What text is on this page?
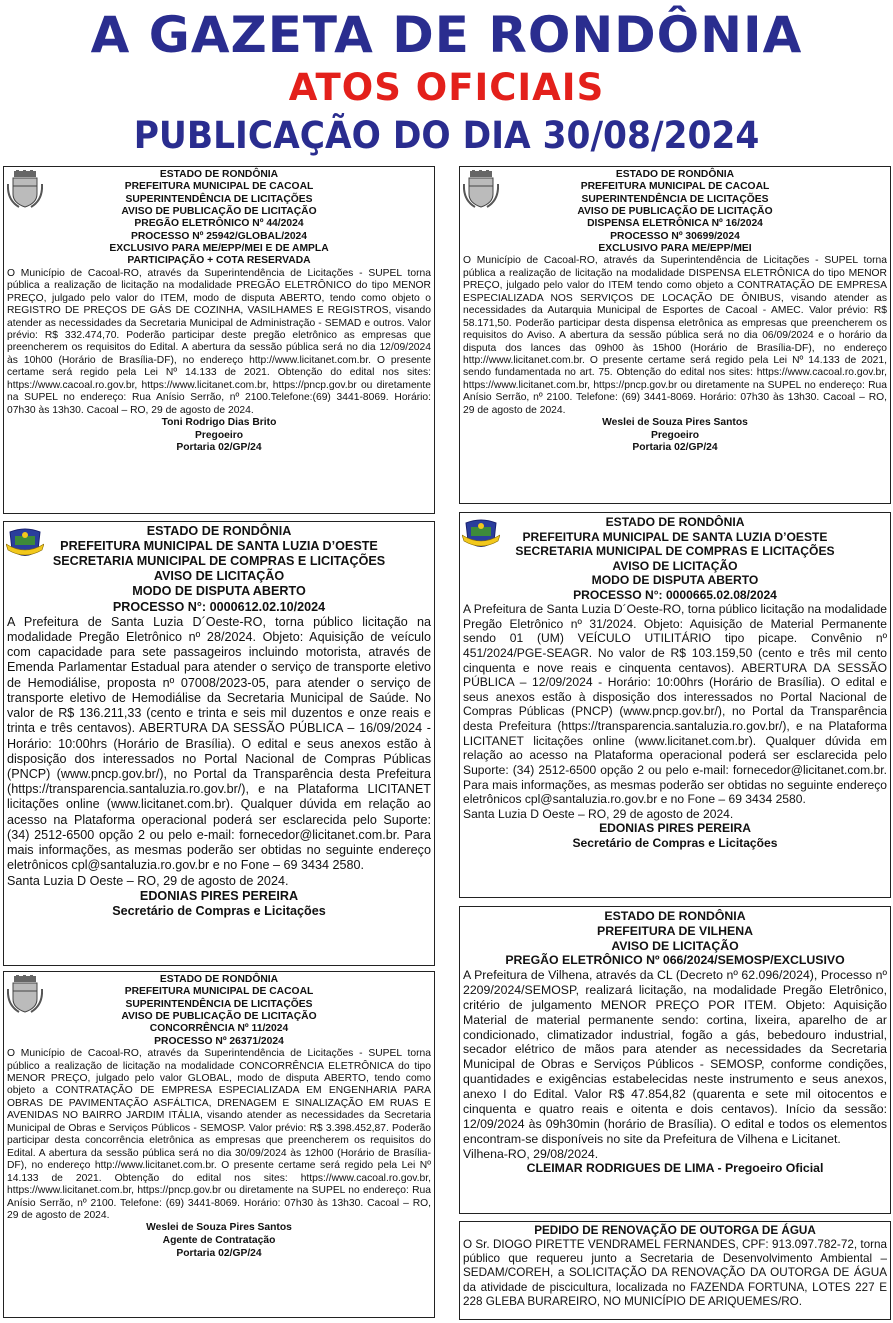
A GAZETA DE RONDÔNIA
ATOS OFICIAIS
PUBLICAÇÃO DO DIA 30/08/2024
ESTADO DE RONDÔNIA
PREFEITURA MUNICIPAL DE CACOAL
SUPERINTENDÊNCIA DE LICITAÇÕES
AVISO DE PUBLICAÇÃO DE LICITAÇÃO
PREGÃO ELETRÔNICO Nº 44/2024
PROCESSO Nº 25942/GLOBAL/2024
EXCLUSIVO PARA ME/EPP/MEI E DE AMPLA
PARTICIPAÇÃO + COTA RESERVADA

O Município de Cacoal-RO, através da Superintendência de Licitações - SUPEL torna pública a realização de licitação na modalidade PREGÃO ELETRÔNICO do tipo MENOR PREÇO, julgado pelo valor do ITEM, modo de disputa ABERTO, tendo como objeto o REGISTRO DE PREÇOS DE GÁS DE COZINHA, VASILHAMES E REGISTROS, visando atender as necessidades da Secretaria Municipal de Administração - SEMAD e outros. Valor prévio: R$ 332.474,70. Poderão participar deste pregão eletrônico as empresas que preencherem os requisitos do Edital. A abertura da sessão pública será no dia 12/09/2024 às 10h00 (Horário de Brasília-DF), no endereço http://www.licitanet.com.br. O presente certame será regido pela Lei Nº 14.133 de 2021. Obtenção do edital nos sites: https://www.cacoal.ro.gov.br, https://www.licitanet.com.br, https://pncp.gov.br ou diretamente na SUPEL no endereço: Rua Anísio Serrão, nº 2100.Telefone:(69) 3441-8069. Horário: 07h30 às 13h30. Cacoal – RO, 29 de agosto de 2024.

Toni Rodrigo Dias Brito
Pregoeiro
Portaria 02/GP/24
ESTADO DE RONDÔNIA
PREFEITURA MUNICIPAL DE CACOAL
SUPERINTENDÊNCIA DE LICITAÇÕES
AVISO DE PUBLICAÇÃO DE LICITAÇÃO
DISPENSA ELETRÔNICA Nº 16/2024
PROCESSO Nº 30699/2024
EXCLUSIVO PARA ME/EPP/MEI

O Município de Cacoal-RO, através da Superintendência de Licitações - SUPEL torna pública a realização de licitação na modalidade DISPENSA ELETRÔNICA do tipo MENOR PREÇO, julgado pelo valor do ITEM tendo como objeto a CONTRATAÇÃO DE EMPRESA ESPECIALIZADA NOS SERVIÇOS DE LOCAÇÃO DE ÔNIBUS, visando atender as necessidades da Autarquia Municipal de Esportes de Cacoal - AMEC. Valor prévio: R$ 58.171,50. Poderão participar desta dispensa eletrônica as empresas que preencherem os requisitos do Aviso. A abertura da sessão pública será no dia 06/09/2024 e o horário da disputa dos lances das 09h00 às 15h00 (Horário de Brasília-DF), no endereço http://www.licitanet.com.br. O presente certame será regido pela Lei Nº 14.133 de 2021, sendo fundamentada no art. 75. Obtenção do edital nos sites: https://www.cacoal.ro.gov.br, https://www.licitanet.com.br, https://pncp.gov.br ou diretamente na SUPEL no endereço: Rua Anísio Serrão, nº 2100. Telefone: (69) 3441-8069. Horário: 07h30 às 13h30. Cacoal – RO, 29 de agosto de 2024.

Weslei de Souza Pires Santos
Pregoeiro
Portaria 02/GP/24
ESTADO DE RONDÔNIA
PREFEITURA MUNICIPAL DE SANTA LUZIA D’OESTE
SECRETARIA MUNICIPAL DE COMPRAS E LICITAÇÕES
AVISO DE LICITAÇÃO
MODO DE DISPUTA ABERTO
PROCESSO N°: 0000612.02.10/2024

A Prefeitura de Santa Luzia D´Oeste-RO, torna público licitação na modalidade Pregão Eletrônico nº 28/2024. Objeto: Aquisição de veículo com capacidade para sete passageiros incluindo motorista, através de Emenda Parlamentar Estadual para atender o serviço de transporte eletivo de Hemodiálise, proposta nº 07008/2023-05, para atender o serviço de transporte eletivo de Hemodiálise da Secretaria Municipal de Saúde. No valor de R$ 136.211,33 (cento e trinta e seis mil duzentos e onze reais e trinta e três centavos). ABERTURA DA SESSÃO PÚBLICA – 16/09/2024 - Horário: 10:00hrs (Horário de Brasília). O edital e seus anexos estão à disposição dos interessados no Portal Nacional de Compras Públicas (PNCP) (www.pncp.gov.br/), no Portal da Transparência desta Prefeitura (https://transparencia.santaluzia.ro.gov.br/), e na Plataforma LICITANET licitações online (www.licitanet.com.br). Qualquer dúvida em relação ao acesso na Plataforma operacional poderá ser esclarecida pelo Suporte: (34) 2512-6500 opção 2 ou pelo e-mail: fornecedor@licitanet.com.br. Para mais informações, as mesmas poderão ser obtidas no seguinte endereço eletrônicos cpl@santaluzia.ro.gov.br e no Fone – 69 3434 2580.

Santa Luzia D Oeste – RO, 29 de agosto de 2024.

EDONIAS PIRES PEREIRA
Secretário de Compras e Licitações
ESTADO DE RONDÔNIA
PREFEITURA MUNICIPAL DE SANTA LUZIA D’OESTE
SECRETARIA MUNICIPAL DE COMPRAS E LICITAÇÕES
AVISO DE LICITAÇÃO
MODO DE DISPUTA ABERTO
PROCESSO N°: 0000665.02.08/2024

A Prefeitura de Santa Luzia D´Oeste-RO, torna público licitação na modalidade Pregão Eletrônico nº 31/2024. Objeto: Aquisição de Material Permanente sendo 01 (UM) VEÍCULO UTILITÁRIO tipo picape. Convênio nº 451/2024/PGE-SEAGR. No valor de R$ 103.159,50 (cento e três mil cento cinquenta e nove reais e cinquenta centavos). ABERTURA DA SESSÃO PÚBLICA – 12/09/2024 - Horário: 10:00hrs (Horário de Brasília). O edital e seus anexos estão à disposição dos interessados no Portal Nacional de Compras Públicas (PNCP) (www.pncp.gov.br/), no Portal da Transparência desta Prefeitura (https://transparencia.santaluzia.ro.gov.br/), e na Plataforma LICITANET licitações online (www.licitanet.com.br). Qualquer dúvida em relação ao acesso na Plataforma operacional poderá ser esclarecida pelo Suporte: (34) 2512-6500 opção 2 ou pelo e-mail: fornecedor@licitanet.com.br. Para mais informações, as mesmas poderão ser obtidas no seguinte endereço eletrônicos cpl@santaluzia.ro.gov.br e no Fone – 69 3434 2580.

Santa Luzia D Oeste – RO, 29 de agosto de 2024.

EDONIAS PIRES PEREIRA
Secretário de Compras e Licitações
ESTADO DE RONDÔNIA
PREFEITURA MUNICIPAL DE CACOAL
SUPERINTENDÊNCIA DE LICITAÇÕES
AVISO DE PUBLICAÇÃO DE LICITAÇÃO
CONCORRÊNCIA Nº 11/2024
PROCESSO Nº 26371/2024

O Município de Cacoal-RO, através da Superintendência de Licitações - SUPEL torna público a realização de licitação na modalidade CONCORRÊNCIA ELETRÔNICA do tipo MENOR PREÇO, julgado pelo valor GLOBAL, modo de disputa ABERTO, tendo como objeto a CONTRATAÇÃO DE EMPRESA ESPECIALIZADA EM ENGENHARIA PARA OBRAS DE PAVIMENTAÇÃO ASFÁLTICA, DRENAGEM E SINALIZAÇÃO EM RUAS E AVENIDAS NO BAIRRO JARDIM ITÁLIA, visando atender as necessidades da Secretaria Municipal de Obras e Serviços Públicos - SEMOSP. Valor prévio: R$ 3.398.452,87. Poderão participar desta concorrência eletrônica as empresas que preencherem os requisitos do Edital. A abertura da sessão pública será no dia 30/09/2024 às 12h00 (Horário de Brasília-DF), no endereço http://www.licitanet.com.br. O presente certame será regido pela Lei Nº 14.133 de 2021. Obtenção do edital nos sites: https://www.cacoal.ro.gov.br, https://www.licitanet.com.br, https://pncp.gov.br ou diretamente na SUPEL no endereço: Rua Anísio Serrão, nº 2100. Telefone: (69) 3441-8069. Horário: 07h30 às 13h30. Cacoal – RO, 29 de agosto de 2024.

Weslei de Souza Pires Santos
Agente de Contratação
Portaria 02/GP/24
ESTADO DE RONDÔNIA
PREFEITURA DE VILHENA
AVISO DE LICITAÇÃO
PREGÃO ELETRÔNICO Nº 066/2024/SEMOSP/EXCLUSIVO

A Prefeitura de Vilhena, através da CL (Decreto nº 62.096/2024), Processo nº 2209/2024/SEMOSP, realizará licitação, na modalidade Pregão Eletrônico, critério de julgamento MENOR PREÇO POR ITEM. Objeto: Aquisição Material de material permanente sendo: cortina, lixeira, aparelho de ar condicionado, climatizador industrial, fogão a gás, bebedouro industrial, secador elétrico de mãos para atender as necessidades da Secretaria Municipal de Obras e Serviços Públicos - SEMOSP, conforme condições, quantidades e exigências estabelecidas neste instrumento e seus anexos, anexo I do Edital. Valor R$ 47.854,82 (quarenta e sete mil oitocentos e cinquenta e quatro reais e oitenta e dois centavos). Início da sessão: 12/09/2024 às 09h30min (horário de Brasília). O edital e todos os elementos encontram-se disponíveis no site da Prefeitura de Vilhena e Licitanet.

Vilhena-RO, 29/08/2024.

CLEIMAR RODRIGUES DE LIMA - Pregoeiro Oficial
PEDIDO DE RENOVAÇÃO DE OUTORGA DE ÁGUA

O Sr. DIOGO PIRETTE VENDRAMEL FERNANDES, CPF: 913.097.782-72, torna público que requereu junto a Secretaria de Desenvolvimento Ambiental – SEDAM/COREH, a SOLICITAÇÃO DA RENOVAÇÃO DA OUTORGA DE ÁGUA da atividade de piscicultura, localizada no FAZENDA FORTUNA, LOTES 227 E 228 GLEBA BURAREIRO, NO MUNICÍPIO DE ARIQUEMES/RO.
